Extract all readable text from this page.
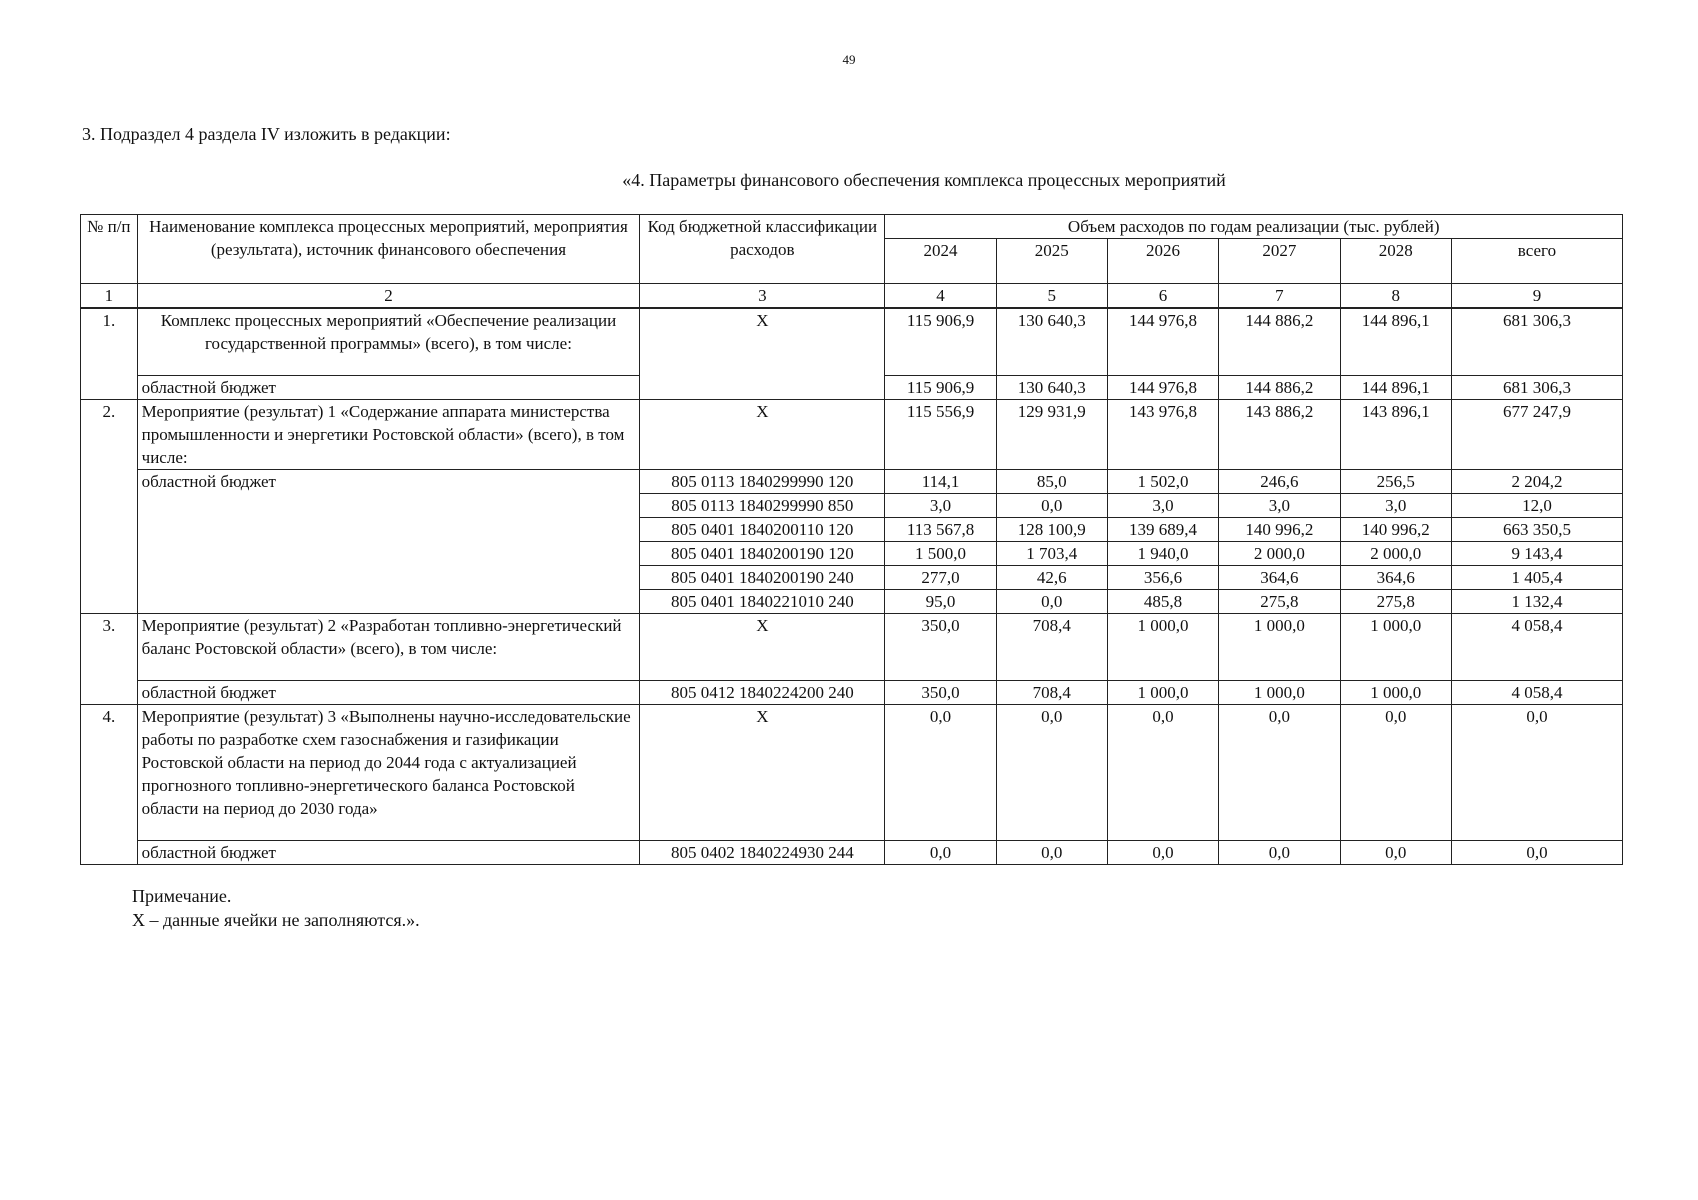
49
3. Подраздел 4 раздела IV изложить в редакции:
«4. Параметры финансового обеспечения комплекса процессных мероприятий
№ п/п	Наименование комплекса процессных мероприятий, мероприятия (результата), источник финансового обеспечения	Код бюджетной классификации расходов	Объем расходов по годам реализации (тыс. рублей)					
			2024	2025	2026	2027	2028	всего
1	2	3	4	5	6	7	8	9
1.	Комплекс процессных мероприятий «Обеспечение реализации государственной программы» (всего), в том числе:	X	115 906,9	130 640,3	144 976,8	144 886,2	144 896,1	681 306,3
	областной бюджет		115 906,9	130 640,3	144 976,8	144 886,2	144 896,1	681 306,3
2.	Мероприятие (результат) 1 «Содержание аппарата министерства промышленности и энергетики Ростовской области» (всего), в том числе:	X	115 556,9	129 931,9	143 976,8	143 886,2	143 896,1	677 247,9
	областной бюджет	805 0113 1840299990 120	114,1	85,0	1 502,0	246,6	256,5	2 204,2
		805 0113 1840299990 850	3,0	0,0	3,0	3,0	3,0	12,0
		805 0401 1840200110 120	113 567,8	128 100,9	139 689,4	140 996,2	140 996,2	663 350,5
		805 0401 1840200190 120	1 500,0	1 703,4	1 940,0	2 000,0	2 000,0	9 143,4
		805 0401 1840200190 240	277,0	42,6	356,6	364,6	364,6	1 405,4
		805 0401 1840221010 240	95,0	0,0	485,8	275,8	275,8	1 132,4
3.	Мероприятие (результат) 2 «Разработан топливно-энергетический баланс Ростовской области» (всего), в том числе:	X	350,0	708,4	1 000,0	1 000,0	1 000,0	4 058,4
	областной бюджет	805 0412 1840224200 240	350,0	708,4	1 000,0	1 000,0	1 000,0	4 058,4
4.	Мероприятие (результат) 3 «Выполнены научно-исследовательские работы по разработке схем газоснабжения и газификации Ростовской области на период до 2044 года с актуализацией прогнозного топливно-энергетического баланса Ростовской области на период до 2030 года»	X	0,0	0,0	0,0	0,0	0,0	0,0
	областной бюджет	805 0402 1840224930 244	0,0	0,0	0,0	0,0	0,0	0,0
Примечание.
X – данные ячейки не заполняются.».
